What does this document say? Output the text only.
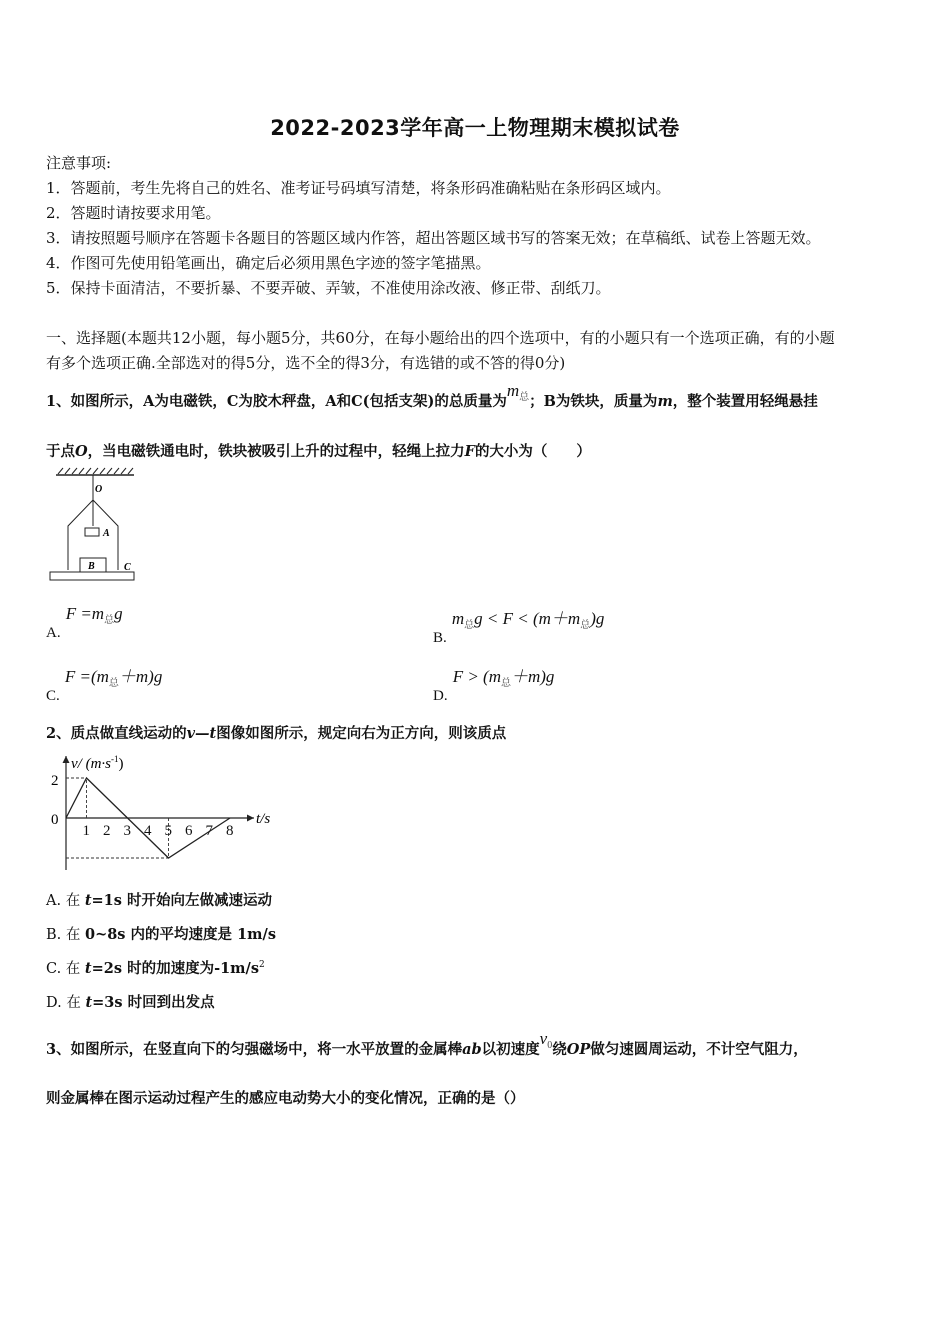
2022-2023学年高一上物理期末模拟试卷
注意事项:
1．答题前，考生先将自己的姓名、准考证号码填写清楚，将条形码准确粘贴在条形码区域内。
2．答题时请按要求用笔。
3．请按照题号顺序在答题卡各题目的答题区域内作答，超出答题区域书写的答案无效；在草稿纸、试卷上答题无效。
4．作图可先使用铅笔画出，确定后必须用黑色字迹的签字笔描黑。
5．保持卡面清洁，不要折暴、不要弄破、弄皱，不准使用涂改液、修正带、刮纸刀。
一、选择题(本题共12小题，每小题5分，共60分，在每小题给出的四个选项中，有的小题只有一个选项正确，有的小题
有多个选项正确.全部选对的得5分，选不全的得3分，有选错的或不答的得0分)
1、如图所示，A为电磁铁，C为胶木秤盘，A和C(包括支架)的总质量为$m_总$；B为铁块，质量为m，整个装置用轻绳悬挂
于点O，当电磁铁通电时，铁块被吸引上升的过程中，轻绳上拉力F的大小为（　　）
O
A
B	C
A. $F =m_总g$
B. $m_总g < F < (m+m_总)g$
C. $F =(m_总+m)g$
D. $F > (m_总+m)g$
2、质点做直线运动的v—t图像如图所示，规定向右为正方向，则该质点
1 2 3 4 5 6 7 8
2
0
v/ $(m\cdot s^{-1})$
t/s
A. 在 t=1s 时开始向左做减速运动
B. 在 0~8s 内的平均速度是 1m/s
C. 在 t=2s 时的加速度为$-1m/s^2$
D. 在 t=3s 时回到出发点
3、如图所示，在竖直向下的匀强磁场中，将一水平放置的金属棒ab以初速度$v_0$绕OP做匀速圆周运动，不计空气阻力，
则金属棒在图示运动过程产生的感应电动势大小的变化情况，正确的是（）
